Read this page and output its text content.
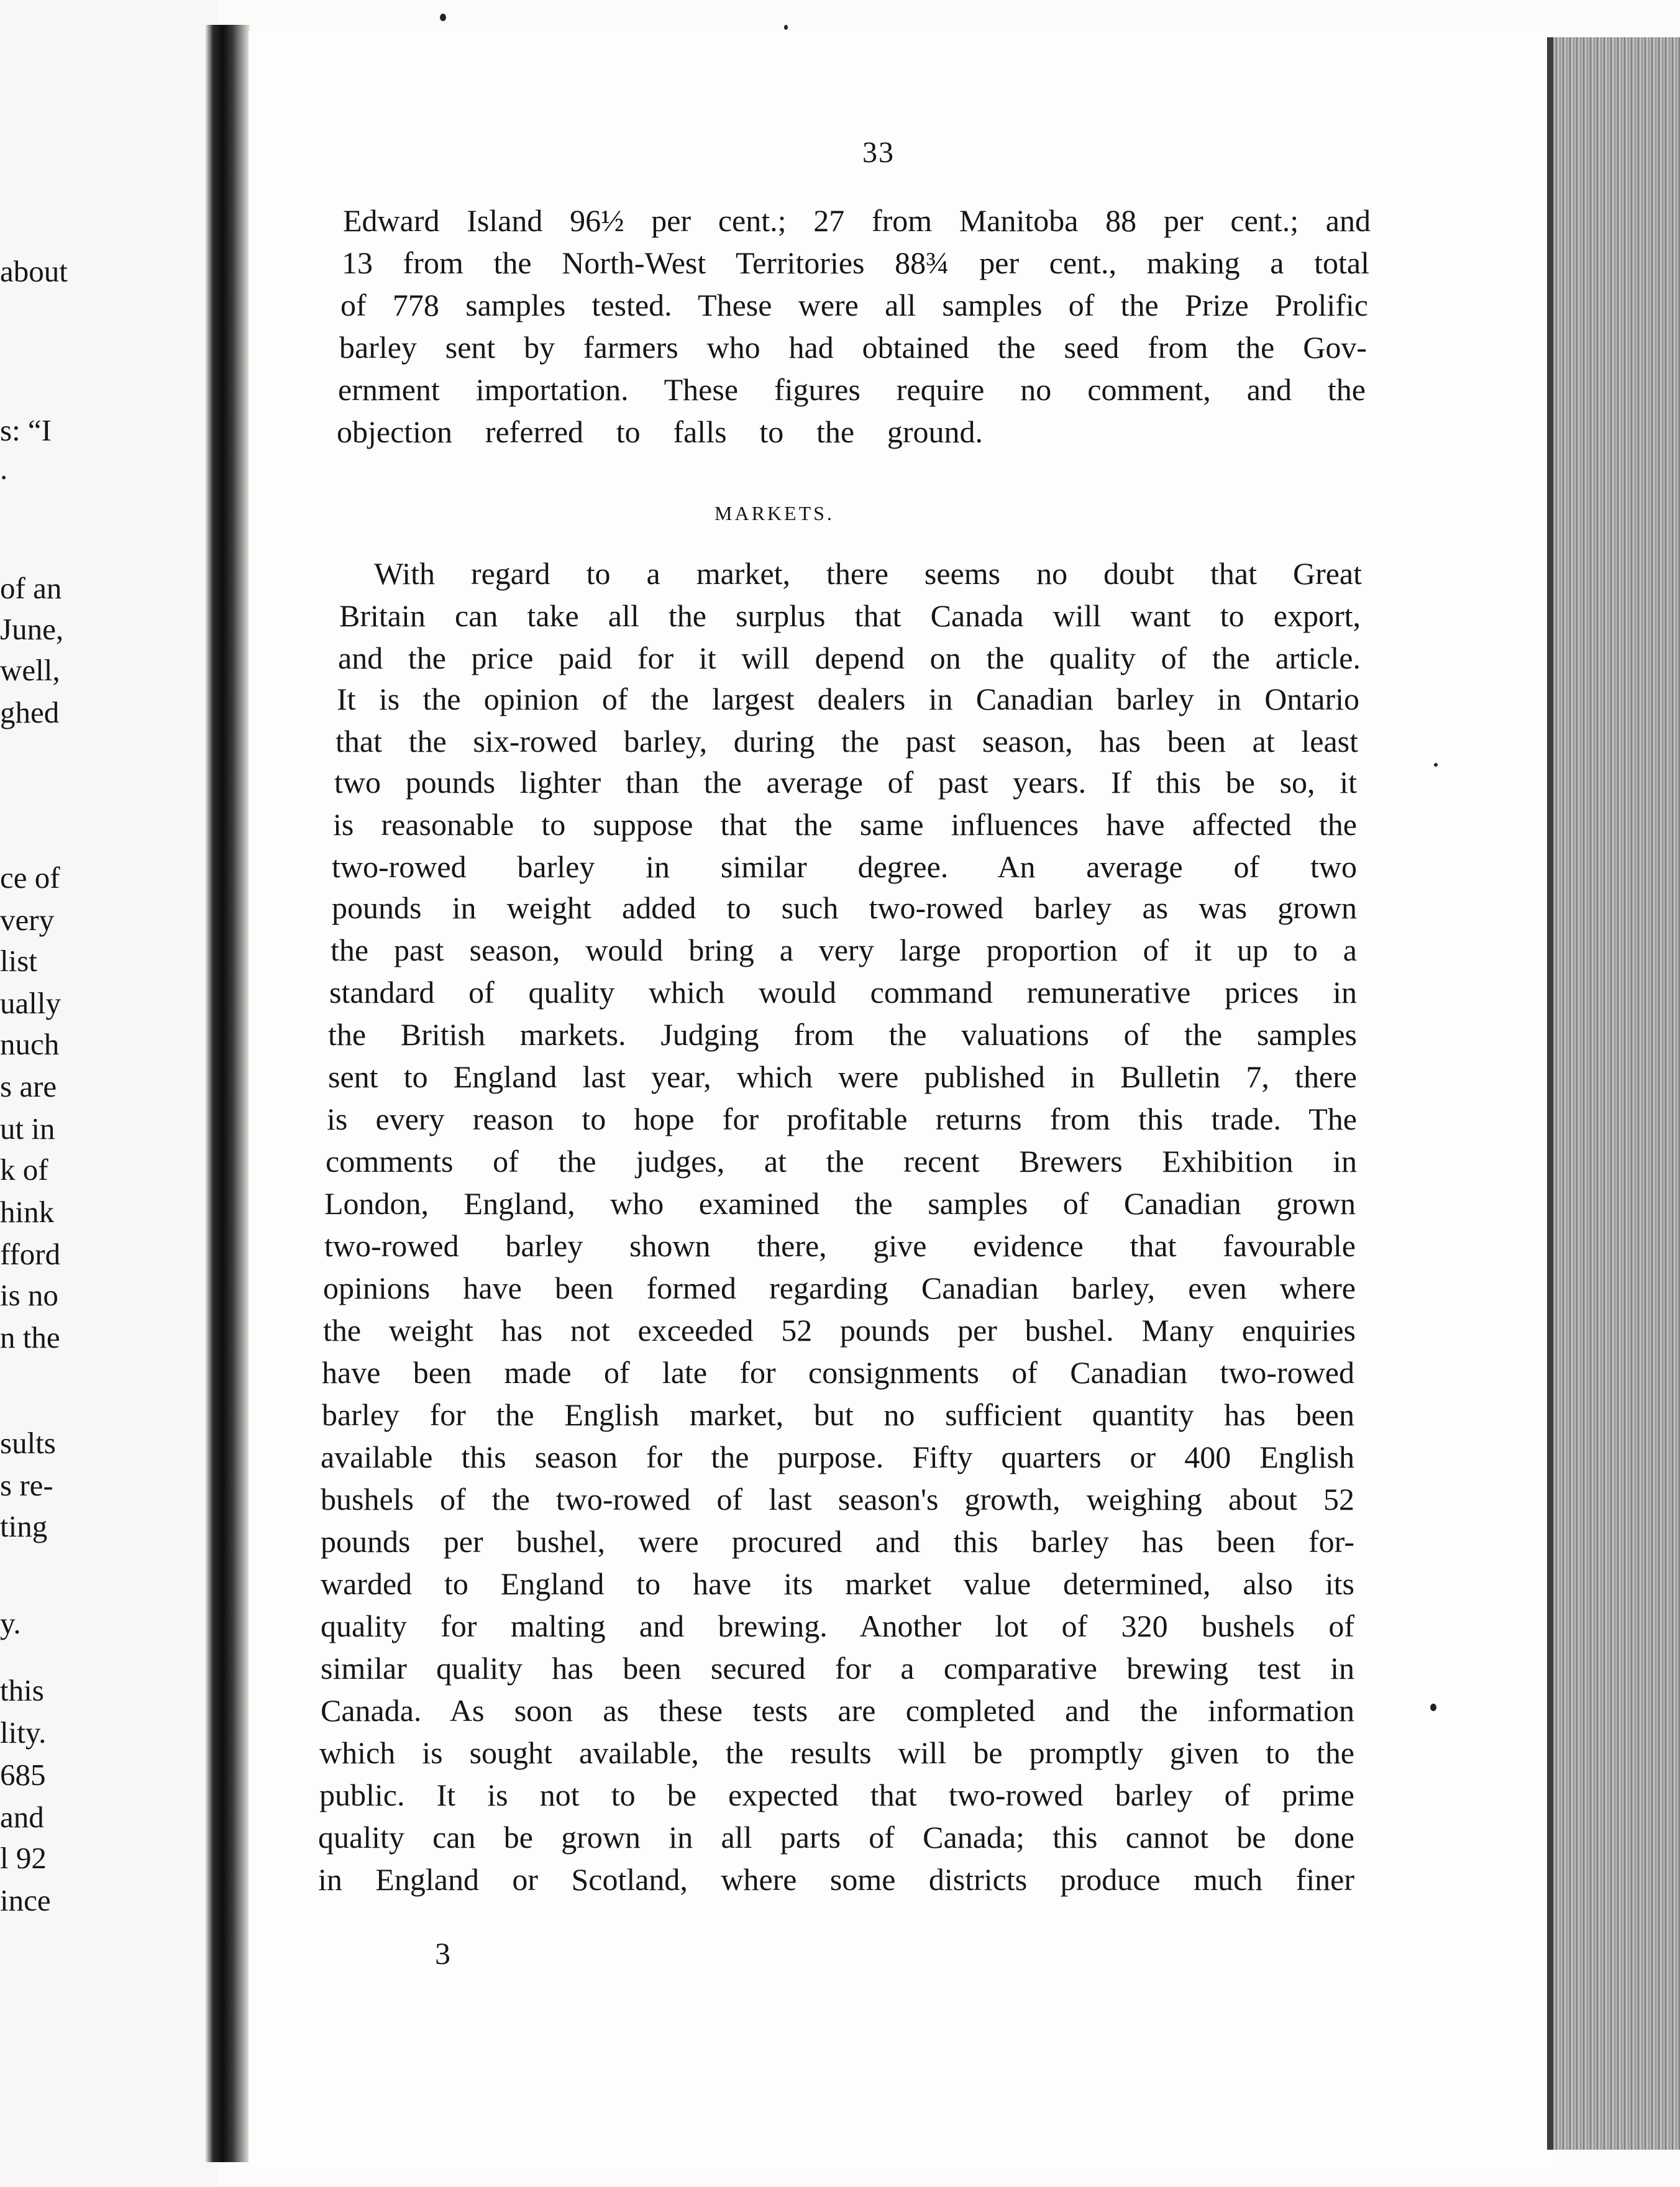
about
s: “I
.
of an
June,
well,
ghed
ce of
very
list
ually
nuch
s are
ut in
k of
hink
fford
is no
n the
sults
s re-
ting
y.
this
lity.
685
and
l 92
ince
33
Edward Island 96½ per cent.; 27 from Manitoba 88 per cent.; and
13 from the North-West Territories 88¾ per cent., making a total
of 778 samples tested. These were all samples of the Prize Prolific
barley sent by farmers who had obtained the seed from the Gov-
ernment importation. These figures require no comment, and the
objection referred to falls to the ground.
MARKETS.
With regard to a market, there seems no doubt that Great
Britain can take all the surplus that Canada will want to export,
and the price paid for it will depend on the quality of the article.
It is the opinion of the largest dealers in Canadian barley in Ontario
that the six-rowed barley, during the past season, has been at least
two pounds lighter than the average of past years. If this be so, it
is reasonable to suppose that the same influences have affected the
two-rowed barley in similar degree. An average of two
pounds in weight added to such two-rowed barley as was grown
the past season, would bring a very large proportion of it up to a
standard of quality which would command remunerative prices in
the British markets. Judging from the valuations of the samples
sent to England last year, which were published in Bulletin 7, there
is every reason to hope for profitable returns from this trade. The
comments of the judges, at the recent Brewers Exhibition in
London, England, who examined the samples of Canadian grown
two-rowed barley shown there, give evidence that favourable
opinions have been formed regarding Canadian barley, even where
the weight has not exceeded 52 pounds per bushel. Many enquiries
have been made of late for consignments of Canadian two-rowed
barley for the English market, but no sufficient quantity has been
available this season for the purpose. Fifty quarters or 400 English
bushels of the two-rowed of last season's growth, weighing about 52
pounds per bushel, were procured and this barley has been for-
warded to England to have its market value determined, also its
quality for malting and brewing. Another lot of 320 bushels of
similar quality has been secured for a comparative brewing test in
Canada. As soon as these tests are completed and the information
which is sought available, the results will be promptly given to the
public. It is not to be expected that two-rowed barley of prime
quality can be grown in all parts of Canada; this cannot be done
in England or Scotland, where some districts produce much finer
3
